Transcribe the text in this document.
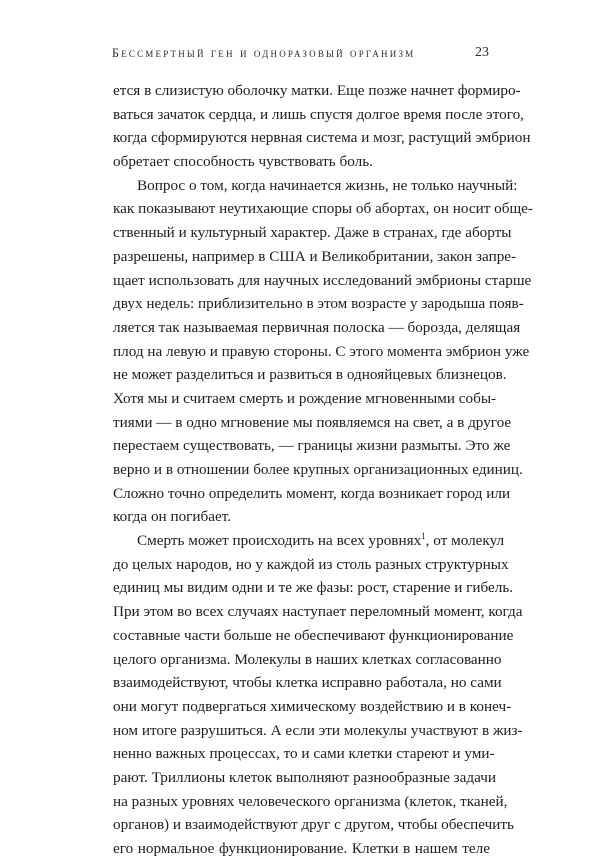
Бессмертный ген и одноразовый организм	23
ется в слизистую оболочку матки. Еще позже начнет формиро-
ваться зачаток сердца, и лишь спустя долгое время после этого,
когда сформируются нервная система и мозг, растущий эмбрион
обретает способность чувствовать боль.
Вопрос о том, когда начинается жизнь, не только научный:
как показывают неутихающие споры об абортах, он носит обще-
ственный и культурный характер. Даже в странах, где аборты
разрешены, например в США и Великобритании, закон запре-
щает использовать для научных исследований эмбрионы старше
двух недель: приблизительно в этом возрасте у зародыша появ-
ляется так называемая первичная полоска — борозда, делящая
плод на левую и правую стороны. С этого момента эмбрион уже
не может разделиться и развиться в однояйцевых близнецов.
Хотя мы и считаем смерть и рождение мгновенными собы-
тиями — в одно мгновение мы появляемся на свет, а в другое
перестаем существовать, — границы жизни размыты. Это же
верно и в отношении более крупных организационных единиц.
Сложно точно определить момент, когда возникает город или
когда он погибает.
Смерть может происходить на всех уровнях$^1$, от молекул
до целых народов, но у каждой из столь разных структурных
единиц мы видим одни и те же фазы: рост, старение и гибель.
При этом во всех случаях наступает переломный момент, когда
составные части больше не обеспечивают функционирование
целого организма. Молекулы в наших клетках согласованно
взаимодействуют, чтобы клетка исправно работала, но сами
они могут подвергаться химическому воздействию и в конеч-
ном итоге разрушиться. А если эти молекулы участвуют в жиз-
ненно важных процессах, то и сами клетки стареют и уми-
рают. Триллионы клеток выполняют разнообразные задачи
на разных уровнях человеческого организма (клеток, тканей,
органов) и взаимодействуют друг с другом, чтобы обеспечить
его нормальное функционирование. Клетки в нашем теле
